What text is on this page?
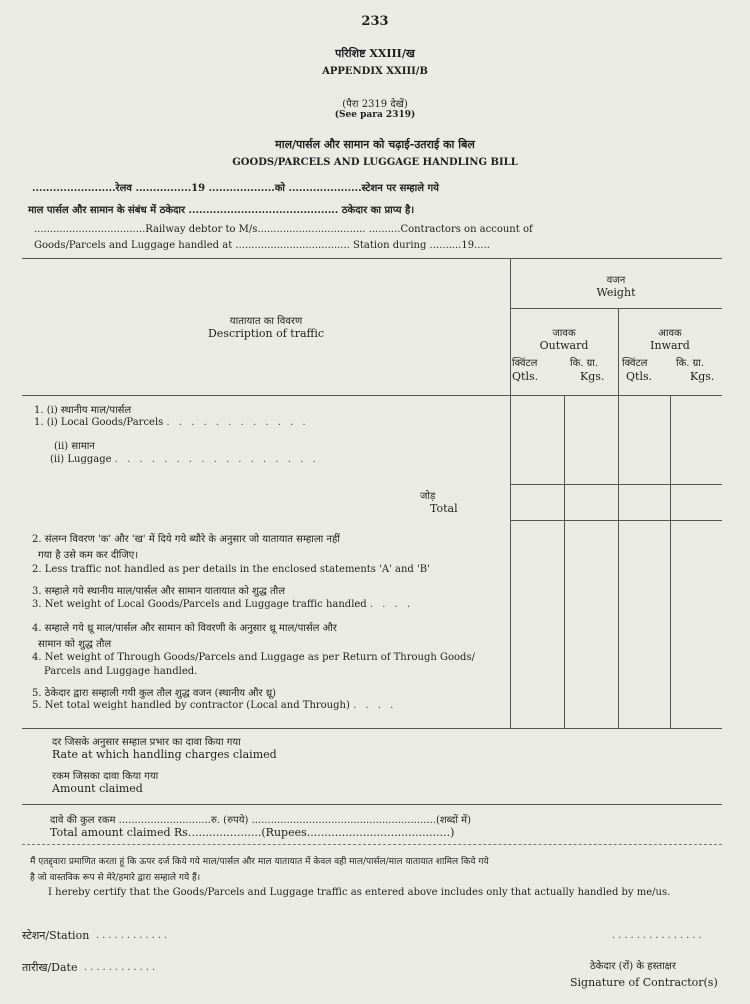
233
परिशिष्ट XXIII/ख
APPENDIX XXIII/B
(पैरा 2319 देखें)
(See para 2319)
माल/पार्सल और सामान को चढ़ाई-उतराई का बिल
GOODS/PARCELS AND LUGGAGE HANDLING BILL
........................रेलव ................19 ...................को .....................स्टेशन पर सम्हाले गये
माल पार्सल और सामान के संबंध में ठकेदार ........................................... ठकेदार का प्राप्य है।
...................................Railway debtor to M/s.................................. ..........Contractors on account of
Goods/Parcels and Luggage handled at .................................... Station during ..........19.....
वजन
Weight
यातायात का विवरण
Description of traffic	जावक
Outward
आवक
Inward
क्विंटल
Qtls.
कि. ग्रा.
Kgs.
क्विंटल
Qtls.
कि. ग्रा.
Kgs.
1. (i) स्थानीय माल/पार्सल
1. (i) Local Goods/Parcels . . . . . . . . . . . .
(ii) सामान
(ii) Luggage . . . . . . . . . . . . . . . . .
जोड़
Total
2. संलग्न विवरण 'क' और 'ख' में दिये गये ब्यौरे के अनुसार जो यातायात सम्हाला नहीं
गया है उसे कम कर दीजिए।
2. Less traffic not handled as per details in the enclosed statements 'A' and 'B'
3. सम्हाले गये स्थानीय माल/पार्सल और सामान यातायात को शुद्ध तौल
3. Net weight of Local Goods/Parcels and Luggage traffic handled . . . .
4. सम्हाले गये थ्रू माल/पार्सल और सामान को विवरणी के अनुसार थ्रू माल/पार्सल और
सामान को शुद्ध तौल
4. Net weight of Through Goods/Parcels and Luggage as per Return of Through Goods/
Parcels and Luggage handled.
5. ठेकेदार द्वारा सम्हाली गयी कुल तौल शुद्ध वजन (स्थानीय और थ्रू)
5. Net total weight handled by contractor (Local and Through) . . . .
दर जिसके अनुसार सम्हाल प्रभार का दावा किया गया
Rate at which handling charges claimed
रकम जिसका दावा किया गया
Amount claimed
दावे की कुल रकम .............................रु. (रुपये) ..........................................................(शब्दों में)
Total amount claimed Rs.....................(Rupees.........................................)
मैं एतद्द्वारा प्रमाणित करता हूं कि ऊपर दर्ज किये गये माल/पार्सल और माल यातायात में केवल वही माल/पार्सल/माल यातायात शामिल किये गये
है जो वास्तविक रूप से मेरे/हमारे द्वारा सम्हाले गये हैं।
I hereby certify that the Goods/Parcels and Luggage traffic as entered above includes only that actually handled by me/us.
स्टेशन/Station ............
तारीख/Date ............
...............
ठेकेदार (रों) के हस्ताक्षर
Signature of Contractor(s)
